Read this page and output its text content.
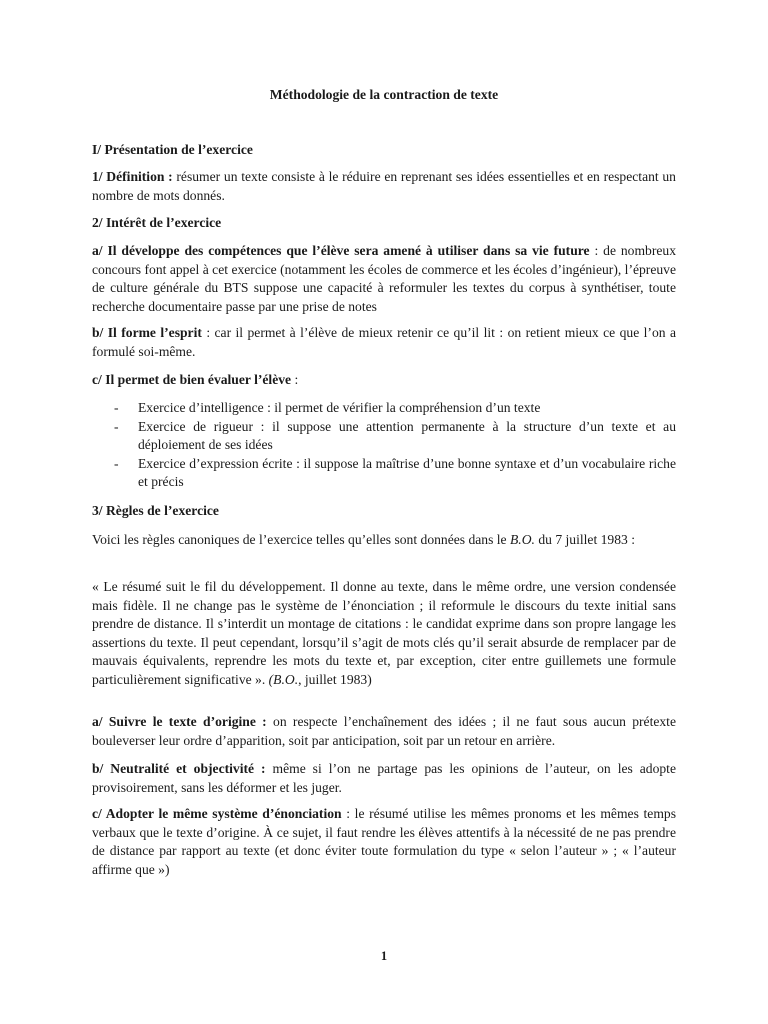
Méthodologie de la contraction de texte
I/ Présentation de l’exercice
1/ Définition : résumer un texte consiste à le réduire en reprenant ses idées essentielles et en respectant un nombre de mots donnés.
2/ Intérêt de l’exercice
a/ Il développe des compétences que l’élève sera amené à utiliser dans sa vie future : de nombreux concours font appel à cet exercice (notamment les écoles de commerce et les écoles d’ingénieur), l’épreuve de culture générale du BTS suppose une capacité à reformuler les textes du corpus à synthétiser, toute recherche documentaire passe par une prise de notes
b/ Il forme l’esprit : car il permet à l’élève de mieux retenir ce qu’il lit : on retient mieux ce que l’on a formulé soi-même.
c/ Il permet de bien évaluer l’élève :
- Exercice d’intelligence : il permet de vérifier la compréhension d’un texte
- Exercice de rigueur : il suppose une attention permanente à la structure d’un texte et au déploiement de ses idées
- Exercice d’expression écrite : il suppose la maîtrise d’une bonne syntaxe et d’un vocabulaire riche et précis
3/ Règles de l’exercice
Voici les règles canoniques de l’exercice telles qu’elles sont données dans le B.O. du 7 juillet 1983 :
« Le résumé suit le fil du développement. Il donne au texte, dans le même ordre, une version condensée mais fidèle. Il ne change pas le système de l’énonciation ; il reformule le discours du texte initial sans prendre de distance. Il s’interdit un montage de citations : le candidat exprime dans son propre langage les assertions du texte. Il peut cependant, lorsqu’il s’agit de mots clés qu’il serait absurde de remplacer par de mauvais équivalents, reprendre les mots du texte et, par exception, citer entre guillemets une formule particulièrement significative ». (B.O., juillet 1983)
a/ Suivre le texte d’origine : on respecte l’enchaînement des idées ; il ne faut sous aucun prétexte bouleverser leur ordre d’apparition, soit par anticipation, soit par un retour en arrière.
b/ Neutralité et objectivité : même si l’on ne partage pas les opinions de l’auteur, on les adopte provisoirement, sans les déformer et les juger.
c/ Adopter le même système d’énonciation : le résumé utilise les mêmes pronoms et les mêmes temps verbaux que le texte d’origine. À ce sujet, il faut rendre les élèves attentifs à la nécessité de ne pas prendre de distance par rapport au texte (et donc éviter toute formulation du type « selon l’auteur » ; « l’auteur affirme que »)
1
